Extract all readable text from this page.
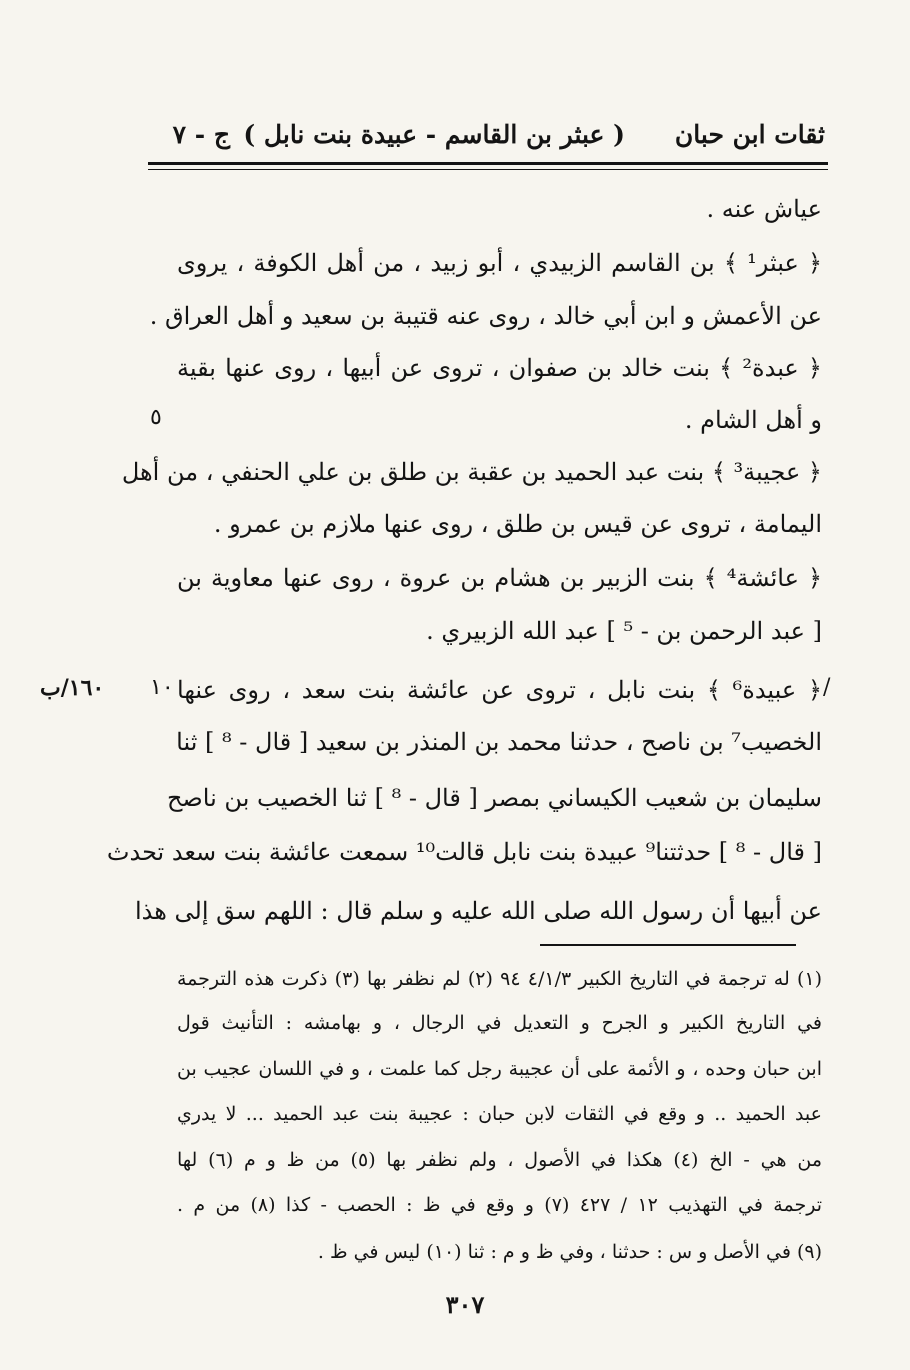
ثقات ابن حبان
( عبثر بن القاسم - عبيدة بنت نابل )
ج - ٧
عياش عنه .
﴿ عبثر¹ ﴾ بن القاسم الزبيدي ، أبو زبيد ، من أهل الكوفة ، يروى
عن الأعمش و ابن أبي خالد ، روى عنه قتيبة بن سعيد و أهل العراق .
﴿ عبدة² ﴾ بنت خالد بن صفوان ، تروى عن أبيها ، روى عنها بقية
و أهل الشام .
﴿ عجيبة³ ﴾ بنت عبد الحميد بن عقبة بن طلق بن علي الحنفي ، من أهل
اليمامة ، تروى عن قيس بن طلق ، روى عنها ملازم بن عمرو .
﴿ عائشة⁴ ﴾ بنت الزبير بن هشام بن عروة ، روى عنها معاوية بن
[ عبد الرحمن بن - ⁵ ] عبد الله الزبيري .
﴿ عبيدة⁶ ﴾ بنت نابل ، تروى عن عائشة بنت سعد ، روى عنها
الخصيب⁷ بن ناصح ، حدثنا محمد بن المنذر بن سعيد [ قال - ⁸ ] ثنا
سليمان بن شعيب الكيساني بمصر [ قال - ⁸ ] ثنا الخصيب بن ناصح
[ قال - ⁸ ] حدثتنا⁹ عبيدة بنت نابل قالت¹⁰ سمعت عائشة بنت سعد تحدث
عن أبيها أن رسول الله صلى الله عليه و سلم قال : اللهم سق إلى هذا
٥
١٠
١٦٠/ب	/
(١) له ترجمة في التاريخ الكبير ٤/١/٣ ٩٤ (٢) لم نظفر بها (٣) ذكرت هذه الترجمة
في التاريخ الكبير و الجرح و التعديل في الرجال ، و بهامشه : التأنيث قول
ابن حبان وحده ، و الأئمة على أن عجيبة رجل كما علمت ، و في اللسان عجيب بن
عبد الحميد .. و وقع في الثقات لابن حبان : عجيبة بنت عبد الحميد ... لا يدري
من هي - الخ (٤) هكذا في الأصول ، ولم نظفر بها (٥) من ظ و م (٦) لها
ترجمة في التهذيب ١٢ / ٤٢٧ (٧) و وقع في ظ : الحصب - كذا (٨) من م .
(٩) في الأصل و س : حدثنا ، وفي ظ و م : ثنا (١٠) ليس في ظ .
٣٠٧
